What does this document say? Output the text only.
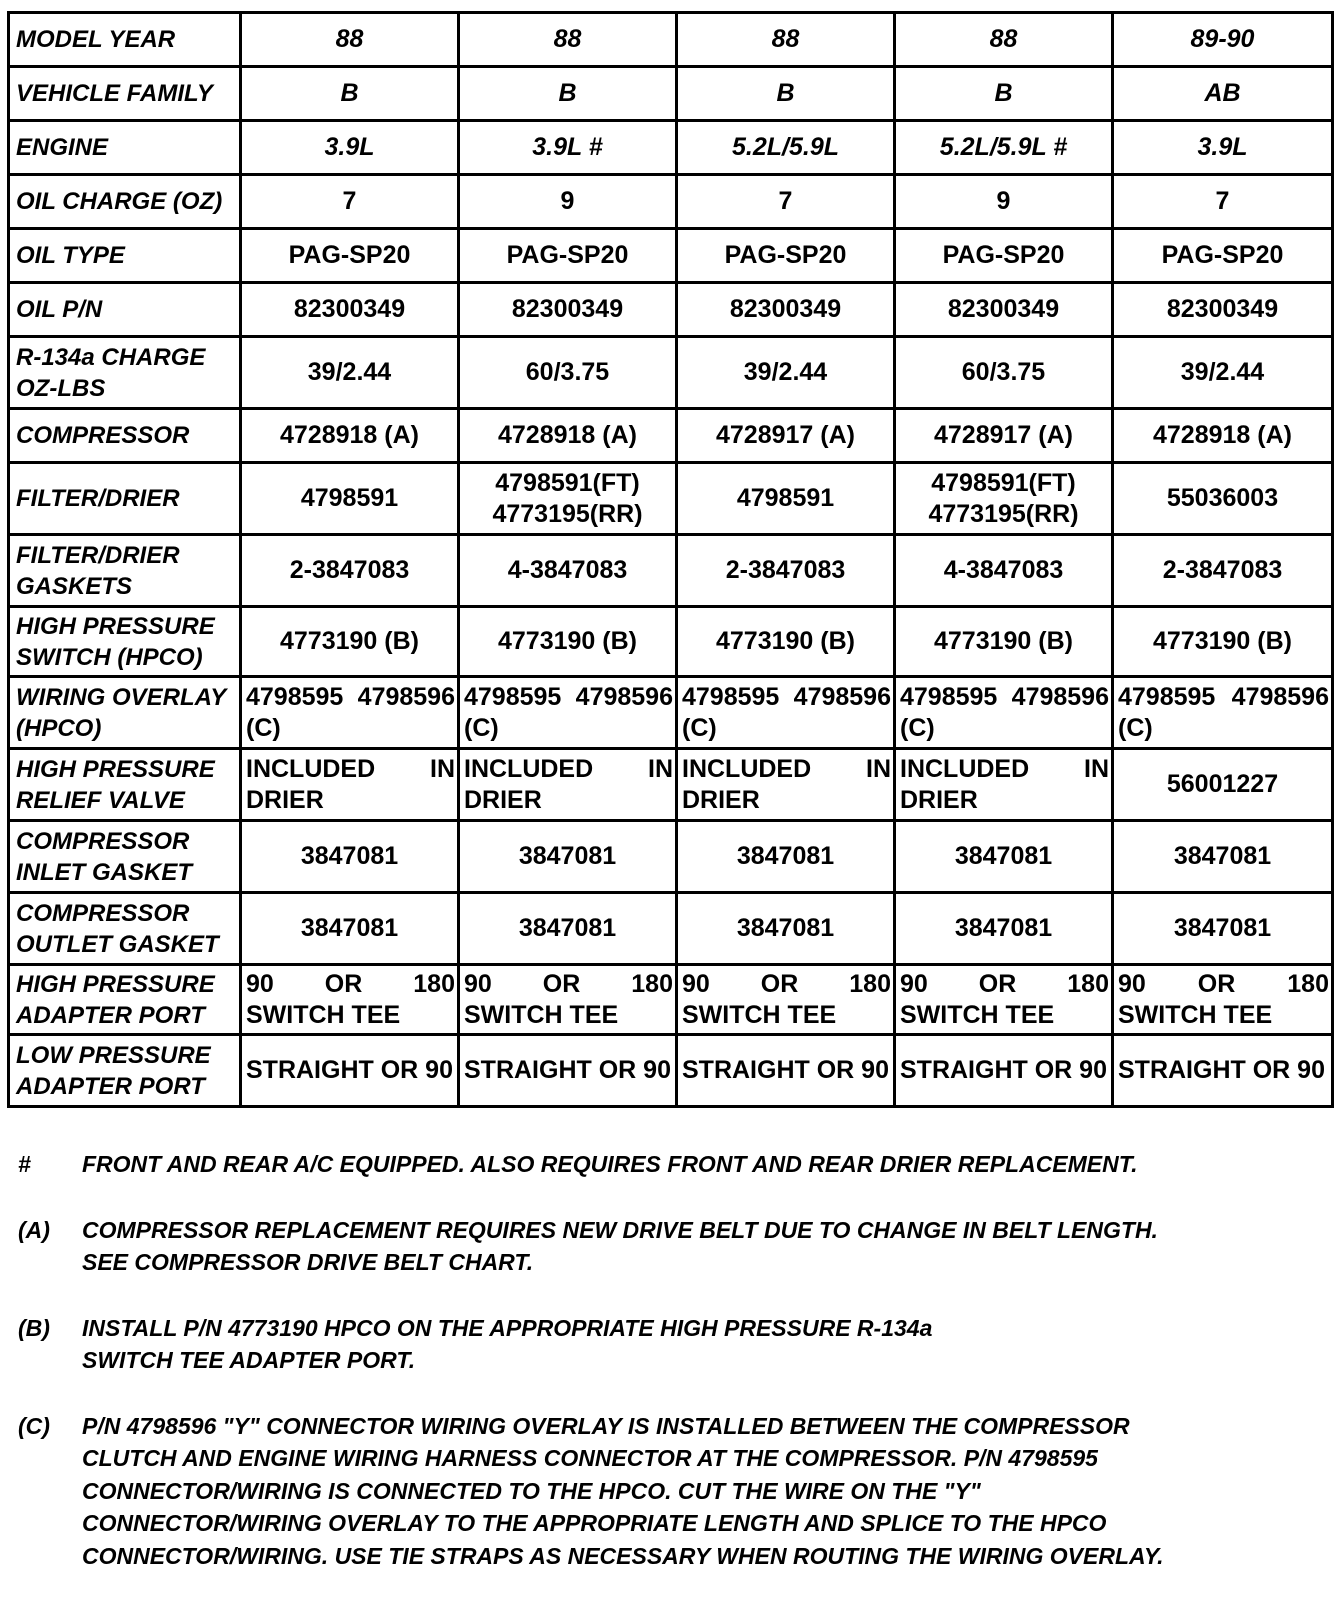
MODEL YEAR	88	88	88	88	89-90
VEHICLE FAMILY	B	B	B	B	AB
ENGINE	3.9L	3.9L #	5.2L/5.9L	5.2L/5.9L #	3.9L
OIL CHARGE (OZ)	7	9	7	9	7
OIL TYPE	PAG-SP20	PAG-SP20	PAG-SP20	PAG-SP20	PAG-SP20
OIL P/N	82300349	82300349	82300349	82300349	82300349
R-134a CHARGE OZ-LBS	39/2.44	60/3.75	39/2.44	60/3.75	39/2.44
COMPRESSOR	4728918 (A)	4728918 (A)	4728917 (A)	4728917 (A)	4728918 (A)
FILTER/DRIER	4798591	4798591(FT) 4773195(RR)	4798591	4798591(FT) 4773195(RR)	55036003
FILTER/DRIER GASKETS	2-3847083	4-3847083	2-3847083	4-3847083	2-3847083
HIGH PRESSURE SWITCH (HPCO)	4773190 (B)	4773190 (B)	4773190 (B)	4773190 (B)	4773190 (B)
WIRING OVERLAY (HPCO)	4798595 4798596 (C)	4798595 4798596 (C)	4798595 4798596 (C)	4798595 4798596 (C)	4798595 4798596 (C)
HIGH PRESSURE RELIEF VALVE	INCLUDED IN DRIER	INCLUDED IN DRIER	INCLUDED IN DRIER	INCLUDED IN DRIER	56001227
COMPRESSOR INLET GASKET	3847081	3847081	3847081	3847081	3847081
COMPRESSOR OUTLET GASKET	3847081	3847081	3847081	3847081	3847081
HIGH PRESSURE ADAPTER PORT	90 OR 180 SWITCH TEE	90 OR 180 SWITCH TEE	90 OR 180 SWITCH TEE	90 OR 180 SWITCH TEE	90 OR 180 SWITCH TEE
LOW PRESSURE ADAPTER PORT	STRAIGHT OR 90	STRAIGHT OR 90	STRAIGHT OR 90	STRAIGHT OR 90	STRAIGHT OR 90
#	FRONT AND REAR A/C EQUIPPED. ALSO REQUIRES FRONT AND REAR DRIER REPLACEMENT.
(A)	COMPRESSOR REPLACEMENT REQUIRES NEW DRIVE BELT DUE TO CHANGE IN BELT LENGTH.
SEE COMPRESSOR DRIVE BELT CHART.
(B)	INSTALL P/N 4773190 HPCO ON THE APPROPRIATE HIGH PRESSURE R-134a
SWITCH TEE ADAPTER PORT.
(C)	P/N 4798596 "Y" CONNECTOR WIRING OVERLAY IS INSTALLED BETWEEN THE COMPRESSOR
CLUTCH AND ENGINE WIRING HARNESS CONNECTOR AT THE COMPRESSOR. P/N 4798595
CONNECTOR/WIRING IS CONNECTED TO THE HPCO. CUT THE WIRE ON THE "Y"
CONNECTOR/WIRING OVERLAY TO THE APPROPRIATE LENGTH AND SPLICE TO THE HPCO
CONNECTOR/WIRING. USE TIE STRAPS AS NECESSARY WHEN ROUTING THE WIRING OVERLAY.
